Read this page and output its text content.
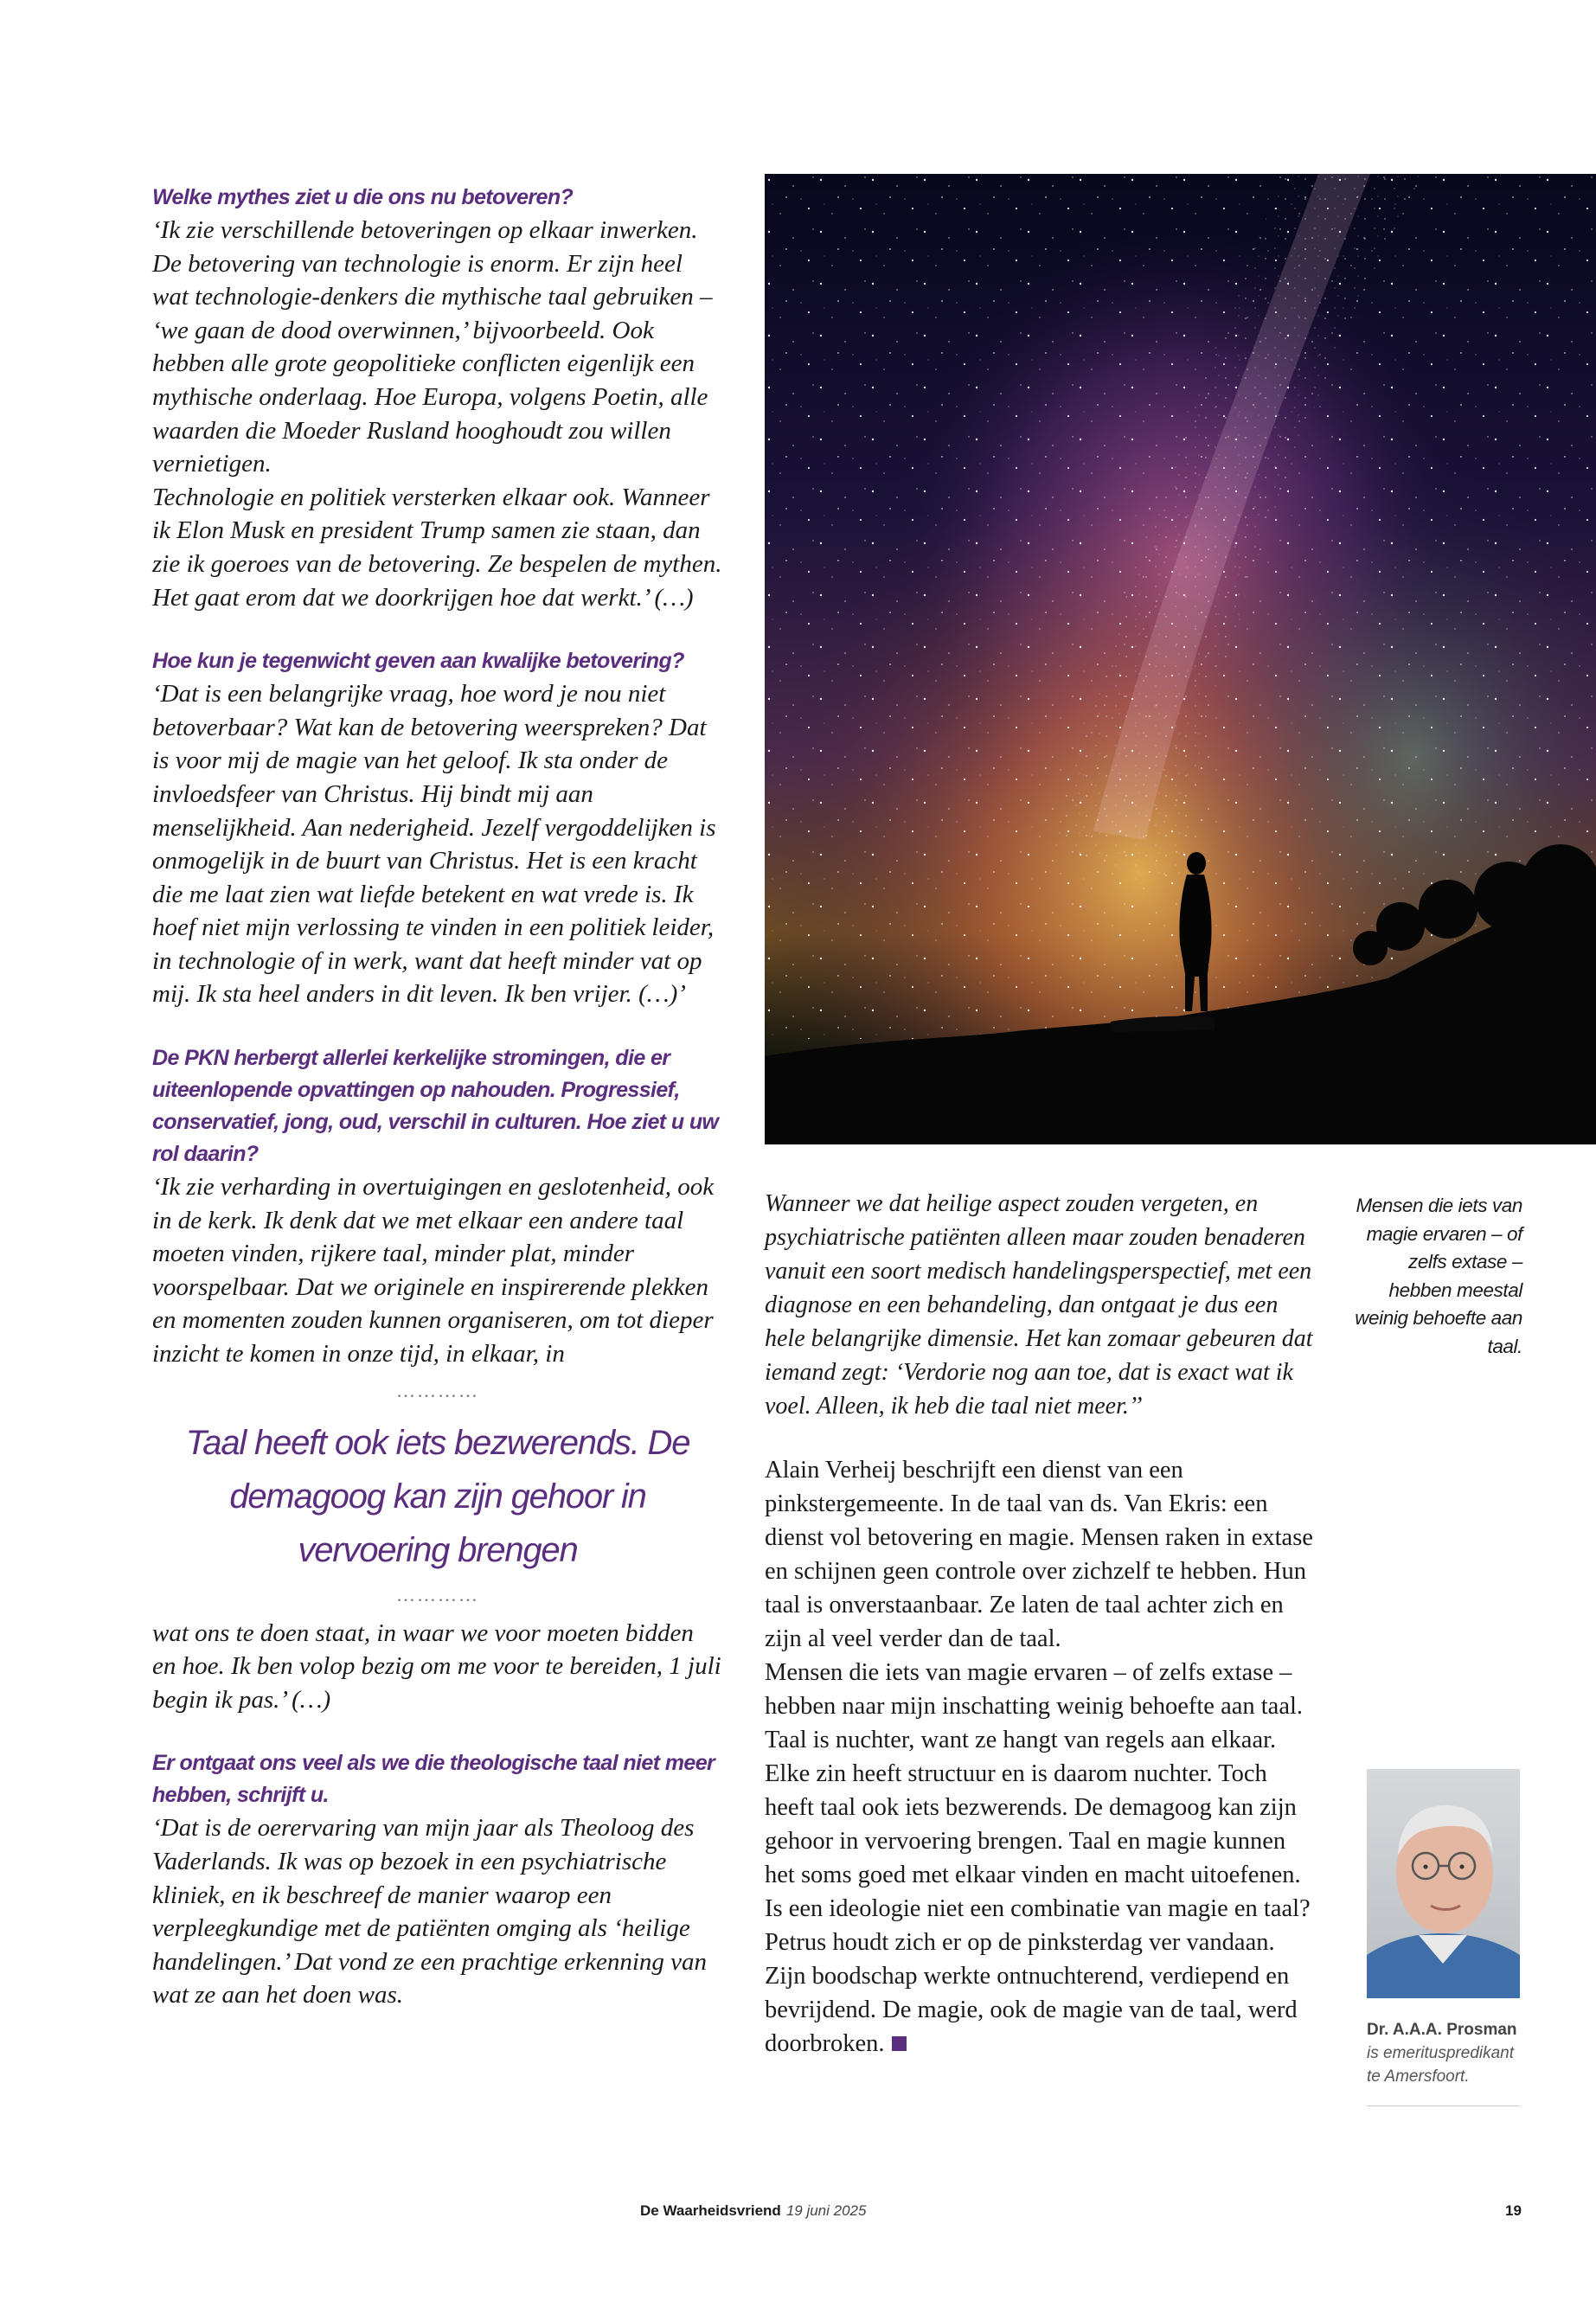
Welke mythes ziet u die ons nu betoveren?

‘Ik zie verschillende betoveringen op elkaar inwerken. De betovering van technologie is enorm. Er zijn heel wat technologie-denkers die mythische taal gebruiken – ‘we gaan de dood overwinnen,’ bijvoorbeeld. Ook hebben alle grote geopolitieke conflicten eigenlijk een mythische onderlaag. Hoe Europa, volgens Poetin, alle waarden die Moeder Rusland hooghoudt zou willen vernietigen.

Technologie en politiek versterken elkaar ook. Wanneer ik Elon Musk en president Trump samen zie staan, dan zie ik goeroes van de betovering. Ze bespelen de mythen. Het gaat erom dat we doorkrijgen hoe dat werkt.’ (…)

Hoe kun je tegenwicht geven aan kwalijke betovering?

‘Dat is een belangrijke vraag, hoe word je nou niet betoverbaar? Wat kan de betovering weerspreken? Dat is voor mij de magie van het geloof. Ik sta onder de invloedsfeer van Christus. Hij bindt mij aan menselijkheid. Aan nederigheid. Jezelf vergoddelijken is onmogelijk in de buurt van Christus. Het is een kracht die me laat zien wat liefde betekent en wat vrede is. Ik hoef niet mijn verlossing te vinden in een politiek leider, in technologie of in werk, want dat heeft minder vat op mij. Ik sta heel anders in dit leven. Ik ben vrijer. (…)’

De PKN herbergt allerlei kerkelijke stromingen, die er uiteenlopende opvattingen op nahouden. Progressief, conservatief, jong, oud, verschil in culturen. Hoe ziet u uw rol daarin?

‘Ik zie verharding in overtuigingen en geslotenheid, ook in de kerk. Ik denk dat we met elkaar een andere taal moeten vinden, rijkere taal, minder plat, minder voorspelbaar. Dat we originele en inspirerende plekken en momenten zouden kunnen organiseren, om tot dieper inzicht te komen in onze tijd, in elkaar, in

…………

Taal heeft ook iets bezwerends. De demagoog kan zijn gehoor in vervoering brengen

…………

wat ons te doen staat, in waar we voor moeten bidden en hoe. Ik ben volop bezig om me voor te bereiden, 1 juli begin ik pas.’ (…)

Er ontgaat ons veel als we die theologische taal niet meer hebben, schrijft u.

‘Dat is de oerervaring van mijn jaar als Theoloog des Vaderlands. Ik was op bezoek in een psychiatrische kliniek, en ik beschreef de manier waarop een verpleegkundige met de patiënten omging als ‘heilige handelingen.’ Dat vond ze een prachtige erkenning van wat ze aan het doen was.

Wanneer we dat heilige aspect zouden vergeten, en psychiatrische patiënten alleen maar zouden benaderen vanuit een soort medisch handelingsperspectief, met een diagnose en een behandeling, dan ontgaat je dus een hele belangrijke dimensie. Het kan zomaar gebeuren dat iemand zegt: ‘Verdorie nog aan toe, dat is exact wat ik voel. Alleen, ik heb die taal niet meer.’’

Alain Verheij beschrijft een dienst van een pinkstergemeente. In de taal van ds. Van Ekris: een dienst vol betovering en magie. Mensen raken in extase en schijnen geen controle over zichzelf te hebben. Hun taal is onverstaanbaar. Ze laten de taal achter zich en zijn al veel verder dan de taal.

Mensen die iets van magie ervaren – of zelfs extase – hebben naar mijn inschatting weinig behoefte aan taal. Taal is nuchter, want ze hangt van regels aan elkaar. Elke zin heeft structuur en is daarom nuchter. Toch heeft taal ook iets bezwerends. De demagoog kan zijn gehoor in vervoering brengen. Taal en magie kunnen het soms goed met elkaar vinden en macht uitoefenen. Is een ideologie niet een combinatie van magie en taal?

Petrus houdt zich er op de pinksterdag ver vandaan. Zijn boodschap werkte ontnuchterend, verdiepend en bevrijdend. De magie, ook de magie van de taal, werd doorbroken.

Mensen die iets van magie ervaren – of zelfs extase – hebben meestal weinig behoefte aan taal.

Dr. A.A.A. Prosman
is emerituspredikant te Amersfoort.
De Waarheidsvriend 19 juni 2025	19
